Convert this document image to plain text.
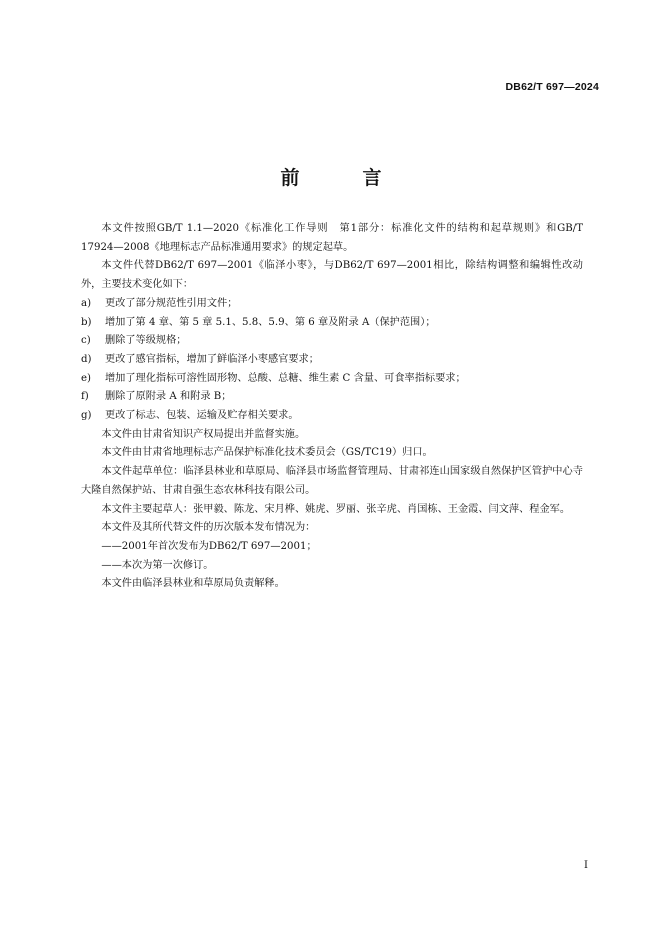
DB62/T 697—2024
前　言

本文件按照GB/T 1.1—2020《标准化工作导则　第1部分：标准化文件的结构和起草规则》和GB/T 17924—2008《地理标志产品标准通用要求》的规定起草。

本文件代替DB62/T 697—2001《临泽小枣》，与DB62/T 697—2001相比，除结构调整和编辑性改动外，主要技术变化如下：

a)	更改了部分规范性引用文件；
b)	增加了第 4 章、第 5 章 5.1、5.8、5.9、第 6 章及附录 A（保护范围）；
c)	删除了等级规格；
d)	更改了感官指标，增加了鲜临泽小枣感官要求；
e)	增加了理化指标可溶性固形物、总酸、总糖、维生素 C 含量、可食率指标要求；
f)	删除了原附录 A 和附录 B；
g)	更改了标志、包装、运输及贮存相关要求。

本文件由甘肃省知识产权局提出并监督实施。

本文件由甘肃省地理标志产品保护标准化技术委员会（GS/TC19）归口。

本文件起草单位：临泽县林业和草原局、临泽县市场监督管理局、甘肃祁连山国家级自然保护区管护中心寺大隆自然保护站、甘肃自强生态农林科技有限公司。

本文件主要起草人：张甲毅、陈龙、宋月桦、姚虎、罗丽、张辛虎、肖国栋、王金霞、闫文萍、程金军。

本文件及其所代替文件的历次版本发布情况为：

——2001年首次发布为DB62/T 697—2001；

——本次为第一次修订。

本文件由临泽县林业和草原局负责解释。

I
